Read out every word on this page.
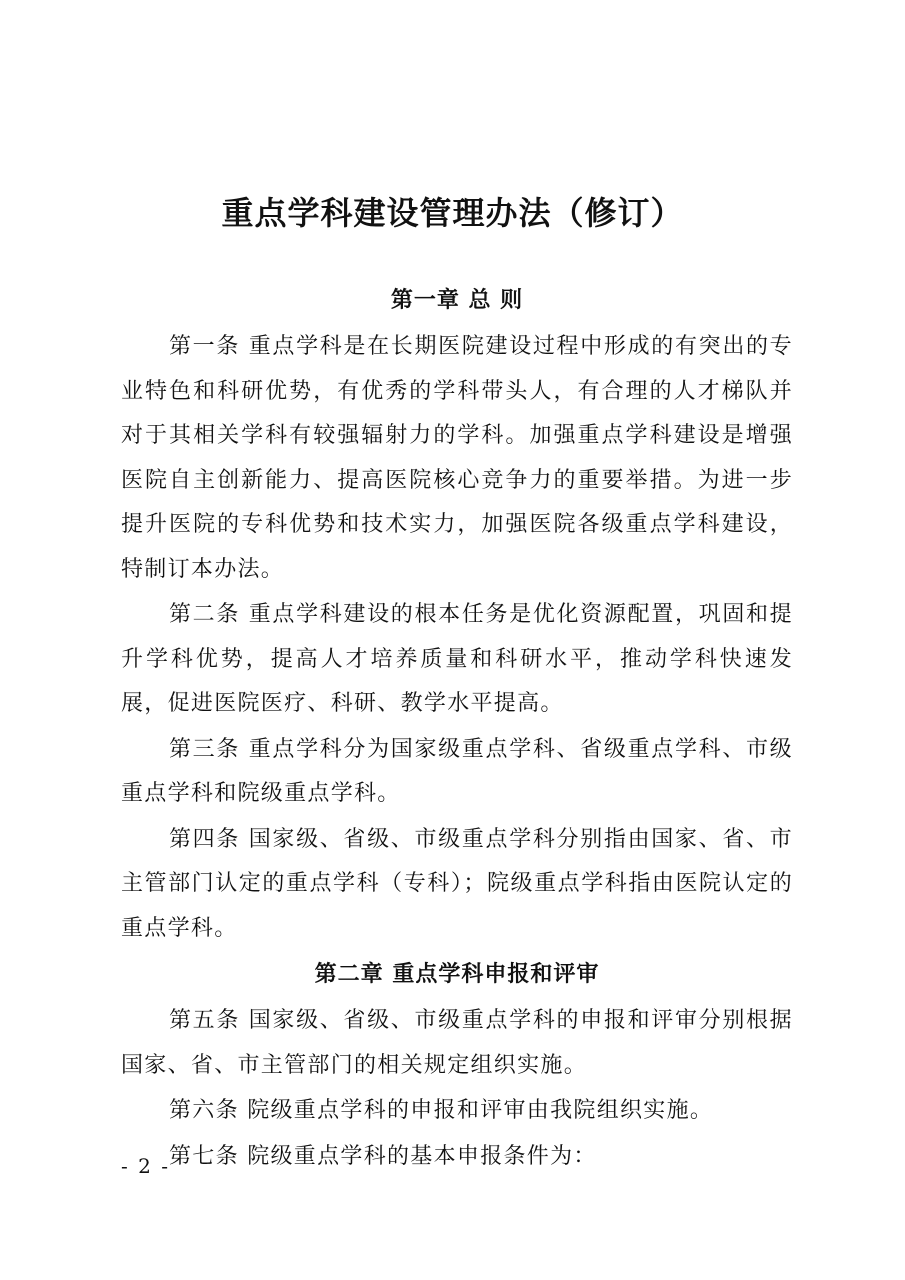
重点学科建设管理办法（修订）
第一章 总 则

第一条 重点学科是在长期医院建设过程中形成的有突出的专业特色和科研优势，有优秀的学科带头人，有合理的人才梯队并对于其相关学科有较强辐射力的学科。加强重点学科建设是增强医院自主创新能力、提高医院核心竞争力的重要举措。为进一步提升医院的专科优势和技术实力，加强医院各级重点学科建设，特制订本办法。

第二条 重点学科建设的根本任务是优化资源配置，巩固和提升学科优势，提高人才培养质量和科研水平，推动学科快速发展，促进医院医疗、科研、教学水平提高。

第三条 重点学科分为国家级重点学科、省级重点学科、市级重点学科和院级重点学科。

第四条 国家级、省级、市级重点学科分别指由国家、省、市主管部门认定的重点学科（专科）；院级重点学科指由医院认定的重点学科。

第二章 重点学科申报和评审

第五条 国家级、省级、市级重点学科的申报和评审分别根据国家、省、市主管部门的相关规定组织实施。

第六条 院级重点学科的申报和评审由我院组织实施。

第七条 院级重点学科的基本申报条件为：

- 2 -
